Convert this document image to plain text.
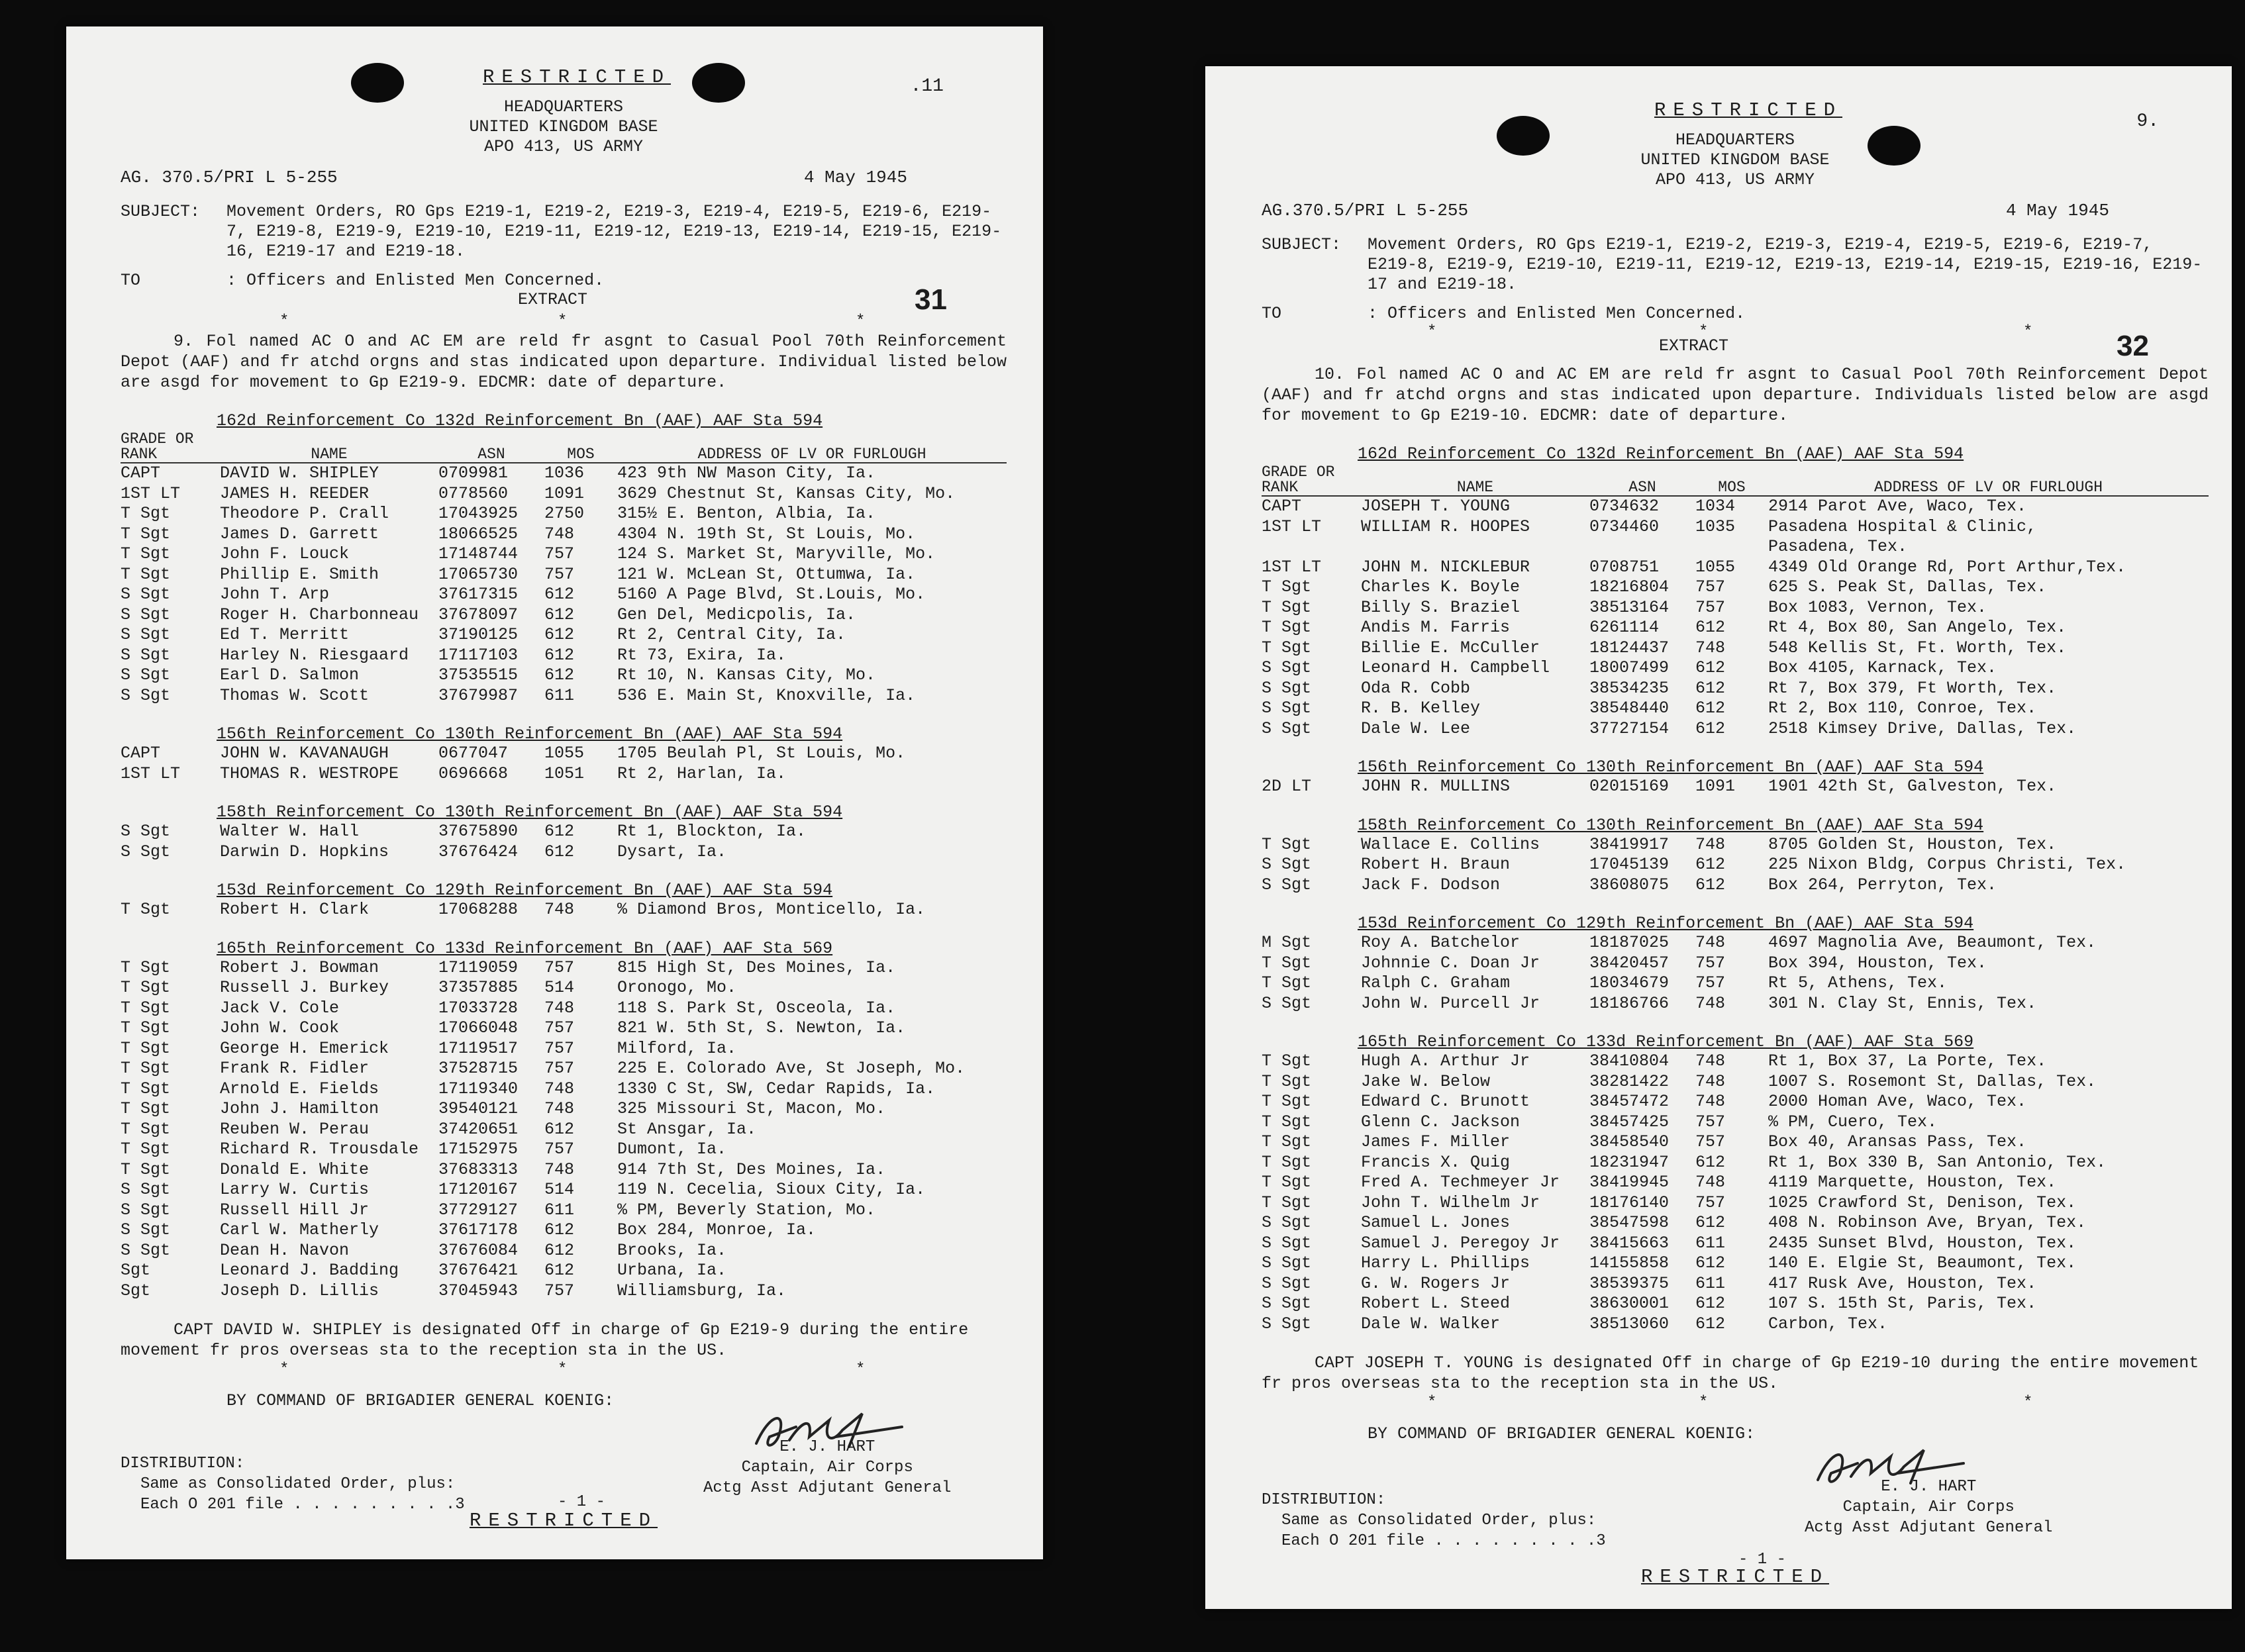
.11
RESTRICTED
HEADQUARTERS
UNITED KINGDOM BASE
APO 413, US ARMY
AG. 370.5/PRI L 5-255	4 May 1945
SUBJECT:	Movement Orders, RO Gps E219-1, E219-2, E219-3, E219-4, E219-5, E219-6, E219-7, E219-8, E219-9, E219-10, E219-11, E219-12, E219-13, E219-14, E219-15, E219-16, E219-17 and E219-18.
TO	: Officers and Enlisted Men Concerned.
EXTRACT	31
*	*	*
9. Fol named AC O and AC EM are reld fr asgnt to Casual Pool 70th Reinforcement Depot (AAF) and fr atchd orgns and stas indicated upon departure. Individual listed below are asgd for movement to Gp E219-9. EDCMR: date of departure.
162d Reinforcement Co 132d Reinforcement Bn (AAF) AAF Sta 594
GRADE OR RANK	NAME	ASN	MOS	ADDRESS OF LV OR FURLOUGH
CAPT	DAVID W. SHIPLEY	0709981	1036	423 9th NW Mason City, Ia.
1ST LT	JAMES H. REEDER	0778560	1091	3629 Chestnut St, Kansas City, Mo.
T Sgt	Theodore P. Crall	17043925	2750	315½ E. Benton, Albia, Ia.
T Sgt	James D. Garrett	18066525	748	4304 N. 19th St, St Louis, Mo.
T Sgt	John F. Louck	17148744	757	124 S. Market St, Maryville, Mo.
T Sgt	Phillip E. Smith	17065730	757	121 W. McLean St, Ottumwa, Ia.
S Sgt	John T. Arp	37617315	612	5160 A Page Blvd, St.Louis, Mo.
S Sgt	Roger H. Charbonneau	37678097	612	Gen Del, Medicpolis, Ia.
S Sgt	Ed T. Merritt	37190125	612	Rt 2, Central City, Ia.
S Sgt	Harley N. Riesgaard	17117103	612	Rt 73, Exira, Ia.
S Sgt	Earl D. Salmon	37535515	612	Rt 10, N. Kansas City, Mo.
S Sgt	Thomas W. Scott	37679987	611	536 E. Main St, Knoxville, Ia.
156th Reinforcement Co 130th Reinforcement Bn (AAF) AAF Sta 594
CAPT	JOHN W. KAVANAUGH	0677047	1055	1705 Beulah Pl, St Louis, Mo.
1ST LT	THOMAS R. WESTROPE	0696668	1051	Rt 2, Harlan, Ia.
158th Reinforcement Co 130th Reinforcement Bn (AAF) AAF Sta 594
S Sgt	Walter W. Hall	37675890	612	Rt 1, Blockton, Ia.
S Sgt	Darwin D. Hopkins	37676424	612	Dysart, Ia.
153d Reinforcement Co 129th Reinforcement Bn (AAF) AAF Sta 594
T Sgt	Robert H. Clark	17068288	748	% Diamond Bros, Monticello, Ia.
165th Reinforcement Co 133d Reinforcement Bn (AAF) AAF Sta 569
T Sgt	Robert J. Bowman	17119059	757	815 High St, Des Moines, Ia.
T Sgt	Russell J. Burkey	37357885	514	Oronogo, Mo.
T Sgt	Jack V. Cole	17033728	748	118 S. Park St, Osceola, Ia.
T Sgt	John W. Cook	17066048	757	821 W. 5th St, S. Newton, Ia.
T Sgt	George H. Emerick	17119517	757	Milford, Ia.
T Sgt	Frank R. Fidler	37528715	757	225 E. Colorado Ave, St Joseph, Mo.
T Sgt	Arnold E. Fields	17119340	748	1330 C St, SW, Cedar Rapids, Ia.
T Sgt	John J. Hamilton	39540121	748	325 Missouri St, Macon, Mo.
T Sgt	Reuben W. Perau	37420651	612	St Ansgar, Ia.
T Sgt	Richard R. Trousdale	17152975	757	Dumont, Ia.
T Sgt	Donald E. White	37683313	748	914 7th St, Des Moines, Ia.
S Sgt	Larry W. Curtis	17120167	514	119 N. Cecelia, Sioux City, Ia.
S Sgt	Russell Hill Jr	37729127	611	% PM, Beverly Station, Mo.
S Sgt	Carl W. Matherly	37617178	612	Box 284, Monroe, Ia.
S Sgt	Dean H. Navon	37676084	612	Brooks, Ia.
Sgt	Leonard J. Badding	37676421	612	Urbana, Ia.
Sgt	Joseph D. Lillis	37045943	757	Williamsburg, Ia.
CAPT DAVID W. SHIPLEY is designated Off in charge of Gp E219-9 during the entire movement fr pros overseas sta to the reception sta in the US.
*	*	*
BY COMMAND OF BRIGADIER GENERAL KOENIG:
E. J. HART
Captain, Air Corps
Actg Asst Adjutant General
DISTRIBUTION:
Same as Consolidated Order, plus:
Each O 201 file . . . . . . . . .3	- 1 -
RESTRICTED
9.
RESTRICTED
HEADQUARTERS
UNITED KINGDOM BASE
APO 413, US ARMY
AG.370.5/PRI L 5-255	4 May 1945
SUBJECT:	Movement Orders, RO Gps E219-1, E219-2, E219-3, E219-4, E219-5, E219-6, E219-7, E219-8, E219-9, E219-10, E219-11, E219-12, E219-13, E219-14, E219-15, E219-16, E219-17 and E219-18.
TO	: Officers and Enlisted Men Concerned.
*	*	*
EXTRACT	32
10. Fol named AC O and AC EM are reld fr asgnt to Casual Pool 70th Reinforcement Depot (AAF) and fr atchd orgns and stas indicated upon departure. Individuals listed below are asgd for movement to Gp E219-10. EDCMR: date of departure.
162d Reinforcement Co 132d Reinforcement Bn (AAF) AAF Sta 594
GRADE OR RANK	NAME	ASN	MOS	ADDRESS OF LV OR FURLOUGH
CAPT	JOSEPH T. YOUNG	0734632	1034	2914 Parot Ave, Waco, Tex.
1ST LT	WILLIAM R. HOOPES	0734460	1035	Pasadena Hospital & Clinic,
Pasadena, Tex.
1ST LT	JOHN M. NICKLEBUR	0708751	1055	4349 Old Orange Rd, Port Arthur,Tex.
T Sgt	Charles K. Boyle	18216804	757	625 S. Peak St, Dallas, Tex.
T Sgt	Billy S. Braziel	38513164	757	Box 1083, Vernon, Tex.
T Sgt	Andis M. Farris	6261114	612	Rt 4, Box 80, San Angelo, Tex.
T Sgt	Billie E. McCuller	18124437	748	548 Kellis St, Ft. Worth, Tex.
S Sgt	Leonard H. Campbell	18007499	612	Box 4105, Karnack, Tex.
S Sgt	Oda R. Cobb	38534235	612	Rt 7, Box 379, Ft Worth, Tex.
S Sgt	R. B. Kelley	38548440	612	Rt 2, Box 110, Conroe, Tex.
S Sgt	Dale W. Lee	37727154	612	2518 Kimsey Drive, Dallas, Tex.
156th Reinforcement Co 130th Reinforcement Bn (AAF) AAF Sta 594
2D LT	JOHN R. MULLINS	02015169	1091	1901 42th St, Galveston, Tex.
158th Reinforcement Co 130th Reinforcement Bn (AAF) AAF Sta 594
T Sgt	Wallace E. Collins	38419917	748	8705 Golden St, Houston, Tex.
S Sgt	Robert H. Braun	17045139	612	225 Nixon Bldg, Corpus Christi, Tex.
S Sgt	Jack F. Dodson	38608075	612	Box 264, Perryton, Tex.
153d Reinforcement Co 129th Reinforcement Bn (AAF) AAF Sta 594
M Sgt	Roy A. Batchelor	18187025	748	4697 Magnolia Ave, Beaumont, Tex.
T Sgt	Johnnie C. Doan Jr	38420457	757	Box 394, Houston, Tex.
T Sgt	Ralph C. Graham	18034679	757	Rt 5, Athens, Tex.
S Sgt	John W. Purcell Jr	18186766	748	301 N. Clay St, Ennis, Tex.
165th Reinforcement Co 133d Reinforcement Bn (AAF) AAF Sta 569
T Sgt	Hugh A. Arthur Jr	38410804	748	Rt 1, Box 37, La Porte, Tex.
T Sgt	Jake W. Below	38281422	748	1007 S. Rosemont St, Dallas, Tex.
T Sgt	Edward C. Brunott	38457472	748	2000 Homan Ave, Waco, Tex.
T Sgt	Glenn C. Jackson	38457425	757	% PM, Cuero, Tex.
T Sgt	James F. Miller	38458540	757	Box 40, Aransas Pass, Tex.
T Sgt	Francis X. Quig	18231947	612	Rt 1, Box 330 B, San Antonio, Tex.
T Sgt	Fred A. Techmeyer Jr	38419945	748	4119 Marquette, Houston, Tex.
T Sgt	John T. Wilhelm Jr	18176140	757	1025 Crawford St, Denison, Tex.
S Sgt	Samuel L. Jones	38547598	612	408 N. Robinson Ave, Bryan, Tex.
S Sgt	Samuel J. Peregoy Jr	38415663	611	2435 Sunset Blvd, Houston, Tex.
S Sgt	Harry L. Phillips	14155858	612	140 E. Elgie St, Beaumont, Tex.
S Sgt	G. W. Rogers Jr	38539375	611	417 Rusk Ave, Houston, Tex.
S Sgt	Robert L. Steed	38630001	612	107 S. 15th St, Paris, Tex.
S Sgt	Dale W. Walker	38513060	612	Carbon, Tex.
CAPT JOSEPH T. YOUNG is designated Off in charge of Gp E219-10 during the entire movement fr pros overseas sta to the reception sta in the US.
*	*	*
BY COMMAND OF BRIGADIER GENERAL KOENIG:
E. J. HART
Captain, Air Corps
Actg Asst Adjutant General
DISTRIBUTION:
Same as Consolidated Order, plus:
Each O 201 file . . . . . . . . .3
- 1 -
RESTRICTED
